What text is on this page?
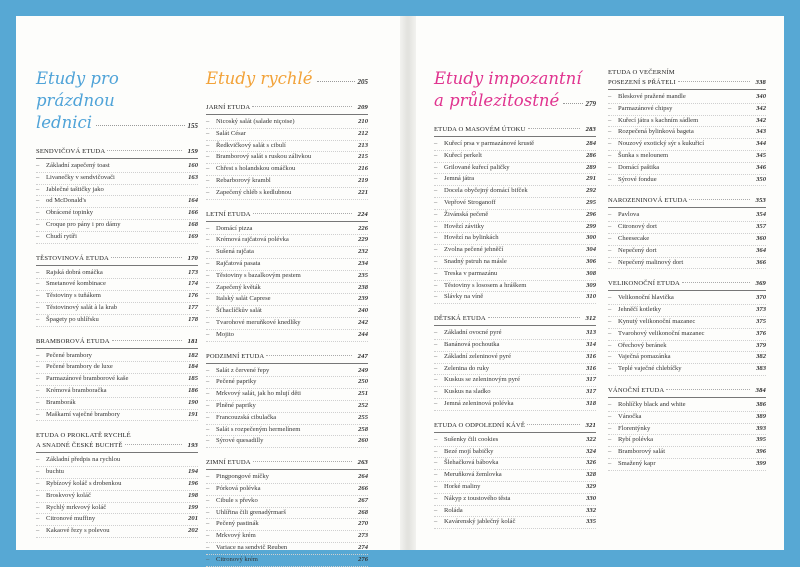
Etudy pro prázdnou
lednici	155
SENDVIČOVÁ ETUDA	159
– Základní zapečený toast	160
– Livanečky v sendvičovači	163
– Jablečné taštičky jako
– od McDonald's	164
– Obrácené topinky	166
– Croque pro pány i pro dámy	168
– Chudí rytíři	169
TĚSTOVINOVÁ ETUDA	170
– Rajská dobrá omáčka	173
– Smetanové kombinace	174
– Těstoviny s tuňákem	176
– Těstovinový salát à la krab	177
– Špagety po uhlířsku	178
BRAMBOROVÁ ETUDA	181
– Pečené brambory	182
– Pečené brambory de luxe	184
– Parmazánové bramborové kaše	185
– Krémová bramboračka	186
– Bramborák	190
– Maškarní vaječné brambory	191
ETUDA O PROKLATĚ RYCHLÉ
A SNADNÉ ČESKÉ BUCHTĚ	193
– Základní předpis na rychlou
– buchtu	194
– Rybízový koláč s drobenkou	196
– Broskvový koláč	198
– Rychlý mrkvový koláč	199
– Citronové muffiny	201
– Kakaové řezy s polevou	202
Etudy rychlé	205
JARNÍ ETUDA	209
– Nicoský salát (salade niçoise)	210
– Salát César	212
– Ředkvičkový salát s cibulí	213
– Bramborový salát s ruskou zálivkou	215
– Chřest s holandskou omáčkou	216
– Rebarborový krambl	219
– Zapečený chléb s kedlubnou	221
LETNÍ ETUDA	224
– Domácí pizza	226
– Krémová rajčatová polévka	229
– Sušená rajčata	232
– Rajčatová pasata	234
– Těstoviny s bazalkovým pestem	235
– Zapečený květák	238
– Italský salát Caprese	239
– Šťhaclíčkův salát	240
– Tvarohové meruňkové knedlíky	242
– Mojito	244
PODZIMNÍ ETUDA	247
– Salát z červené řepy	249
– Pečené papriky	250
– Mrkvový salát, jak ho mlují děti	251
– Plněné papriky	252
– Francouzská cibulačka	255
– Salát s rozpečeným hermelínem	258
– Sýrové quesadilly	260
ZIMNÍ ETUDA	263
– Pingpongové míčky	264
– Pórková polévka	266
– Cibule s převko	267
– Uhlířina čili grenadýrmarš	268
– Pečený pastinák	270
– Mrkvový krém	273
– Variace na sendvič Reuben	274
– Citronový krém	276
Etudy impozantní
a průlezitostné	279
ETUDA O MASOVÉM ÚTOKU	283
– Kuřecí prsa v parmazánové krustě	284
– Kuřecí perkelt	286
– Grilované kuřecí paličky	289
– Jemná játra	291
– Docela obyčejný domácí bifček	292
– Vepřové Stroganoff	295
– Živánská pečeně	296
– Hovězí závitky	299
– Hovězí na bylinkách	300
– Zvolna pečené jehněčí	304
– Snadný pstruh na másle	306
– Treska v parmazánu	308
– Těstoviny s lososem a hráškem	309
– Slávky na víně	310
DĚTSKÁ ETUDA	312
– Základní ovocné pyré	313
– Banánová pochoutka	314
– Základní zeleninové pyré	316
– Zelenina do ruky	316
– Kuskus se zeleninovým pyré	317
– Kuskus na sladko	317
– Jemná zeleninová polévka	318
ETUDA O ODPOLEDNÍ KÁVĚ	321
– Sušenky čili cookies	322
– Bezé mojí babičky	324
– Šlehačková bábovka	326
– Meruňková žemlovka	328
– Horké maliny	329
– Nákyp z toustového těsta	330
– Roláda	332
– Kavárenský jablečný koláč	335
ETUDA O VEČERNÍM
POSEZENÍ S PŘÁTELI	338
– Bleskové pražené mandle	340
– Parmazánové chipsy	342
– Kuřecí játra s kachním sádlem	342
– Rozpečená bylinková bageta	343
– Nouzový exotický sýr s kukuřicí	344
– Šunka s melounem	345
– Domácí paštika	346
– Sýrové fondue	350
NAROZENINOVÁ ETUDA	353
– Pavlova	354
– Citronový dort	357
– Cheesecake	360
– Nepečený dort	364
– Nepečený malinový dort	366
VELIKONOČNÍ ETUDA	369
– Velikonoční hlavička	370
– Jehněčí kotletky	373
– Kynutý velikonoční mazanec	375
– Tvarohový velikonoční mazanec	376
– Ořechový beránek	379
– Vaječná pomazánka	382
– Teplé vaječné chlebíčky	383
VÁNOČNÍ ETUDA	384
– Rohlíčky black and white	386
– Vánočka	389
– Florentýnky	393
– Rybí polévka	395
– Bramborový salát	396
– Smažený kapr	399
